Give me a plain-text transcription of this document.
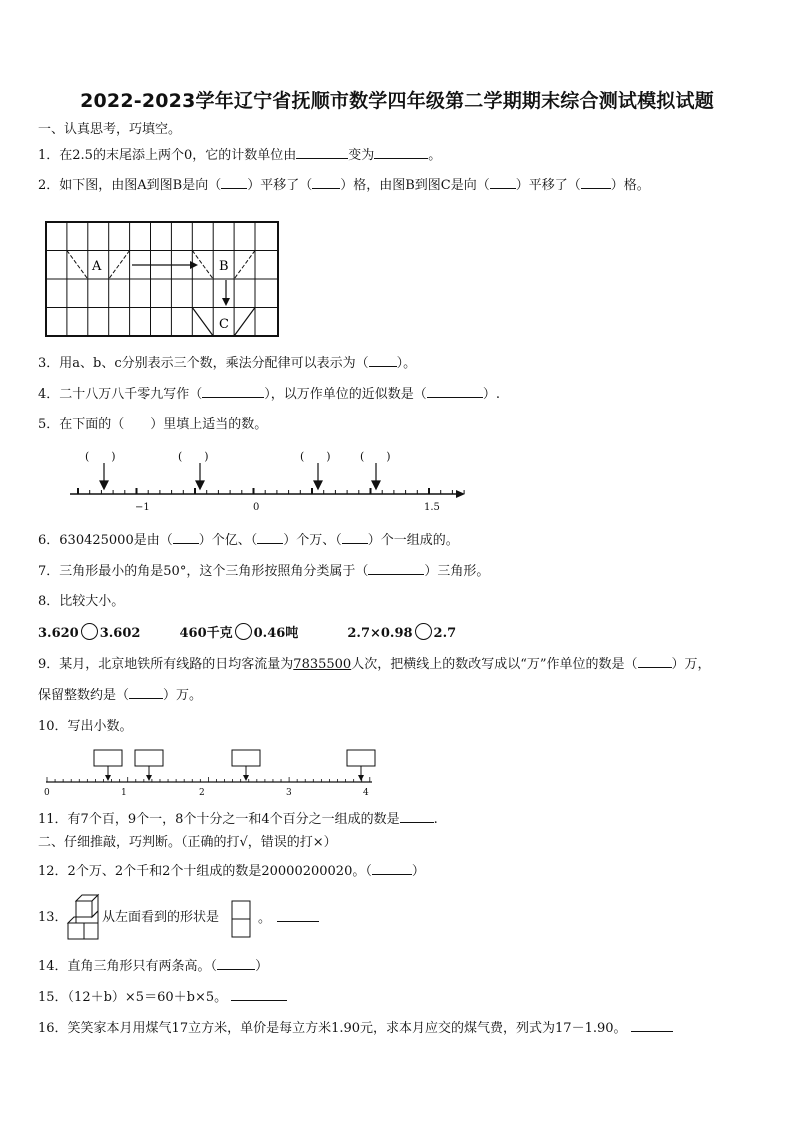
2022-2023学年辽宁省抚顺市数学四年级第二学期期末综合测试模拟试题
一、认真思考，巧填空。
1．在2.5的末尾添上两个0，它的计数单位由	变为	。
2．如下图，由图A到图B是向（ ）平移了（ ）格，由图B到图C是向（ ）平移了（ ）格。
A	B
C
3．用a、b、c分别表示三个数，乘法分配律可以表示为（ ）。
4．二十八万八千零九写作（	），以万作单位的近似数是（	）.
5．在下面的（　　）里填上适当的数。
(　　)	(　　)	(　　)	(　　)
−1	0	1.5
6．630425000是由（ ）个亿、（ ）个万、（ ）个一组成的。
7．三角形最小的角是50°，这个三角形按照角分类属于（	）三角形。
8．比较大小。
3.620 3.602	460千克 0.46吨	2.7×0.98 2.7
9．某月，北京地铁所有线路的日均客流量为7835500人次，把横线上的数改写成以“万”作单位的数是（	）万，
保留整数约是（	）万。
10．写出小数。
0	1	2	3	4
11．有7个百，9个一，8个十分之一和4个百分之一组成的数是	.
二、仔细推敲，巧判断。（正确的打√，错误的打×）
12．2个万、2个千和2个十组成的数是20000200020。（	）
13．	从左面看到的形状是	。
14．直角三角形只有两条高。（	）
15．（12＋b）×5＝60＋b×5。
16．笑笑家本月用煤气17立方米，单价是每立方米1.90元，求本月应交的煤气费，列式为17－1.90。
